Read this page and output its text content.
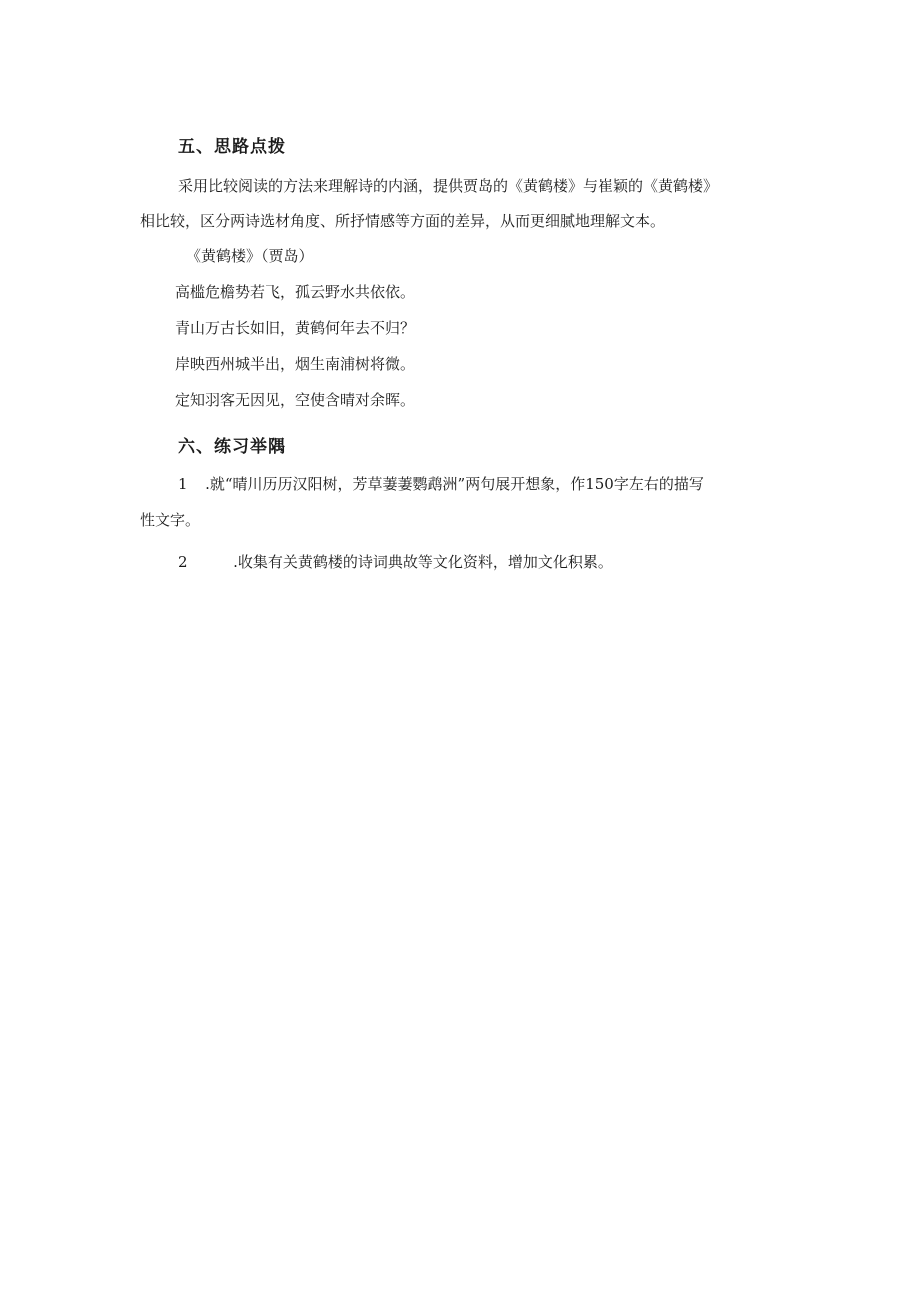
五、思路点拨
采用比较阅读的方法来理解诗的内涵，提供贾岛的《黄鹤楼》与崔颖的《黄鹤楼》
相比较，区分两诗选材角度、所抒情感等方面的差异，从而更细腻地理解文本。
《黄鹤楼》（贾岛）
高槛危檐势若飞，孤云野水共依依。
青山万古长如旧，黄鹤何年去不归？
岸映西州城半出，烟生南浦树将微。
定知羽客无因见，空使含晴对余晖。
六、练习举隅
1 .就“晴川历历汉阳树，芳草萋萋鹦鹉洲”两句展开想象，作150字左右的描写
性文字。
2	.收集有关黄鹤楼的诗词典故等文化资料，增加文化积累。
